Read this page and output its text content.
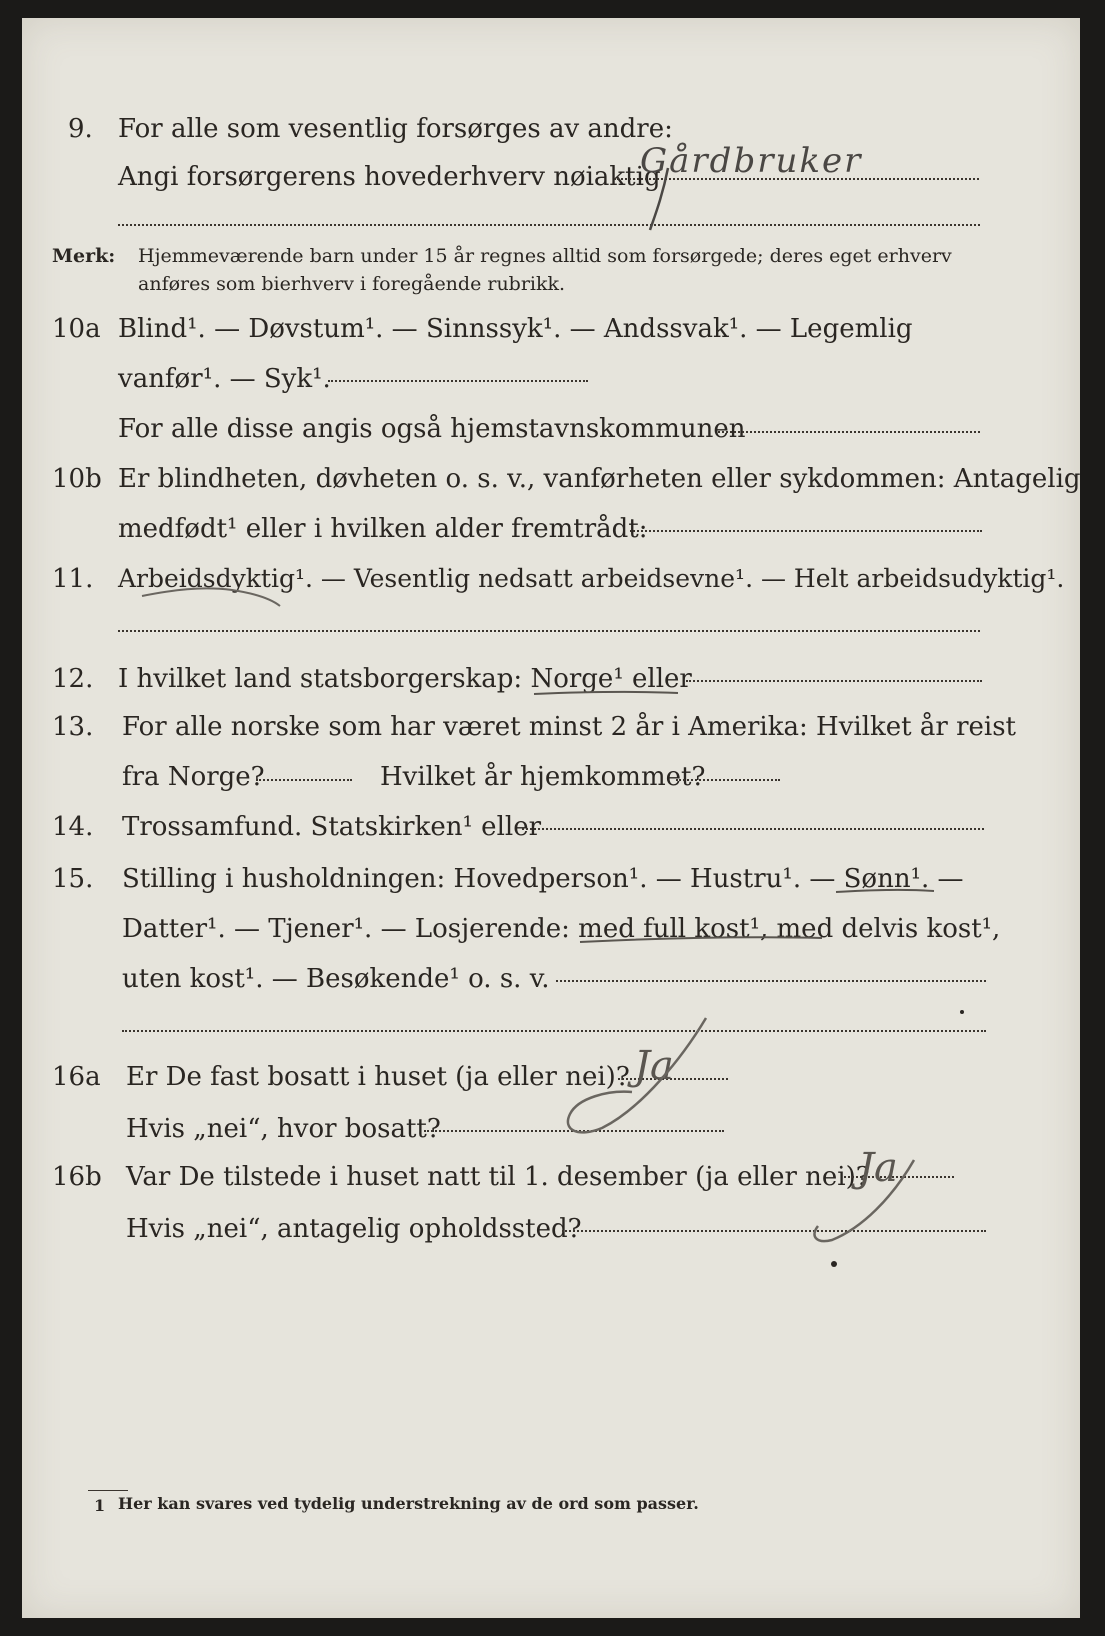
9. For alle som vesentlig forsørges av andre:
Angi forsørgerens hovederhverv nøiaktig
Gårdbruker
Merk: Hjemmeværende barn under 15 år regnes alltid som forsørgede; deres eget erhverv
anføres som bierhverv i foregående rubrikk.
10a Blind¹. — Døvstum¹. — Sinnssyk¹. — Andssvak¹. — Legemlig
vanfør¹. — Syk¹.
For alle disse angis også hjemstavnskommunen
10b Er blindheten, døvheten o. s. v., vanførheten eller sykdommen: Antagelig
medfødt¹ eller i hvilken alder fremtrådt:
11. Arbeidsdyktig¹. — Vesentlig nedsatt arbeidsevne¹. — Helt arbeidsudyktig¹.
12. I hvilket land statsborgerskap: Norge¹ eller
13. For alle norske som har været minst 2 år i Amerika: Hvilket år reist
fra Norge?	Hvilket år hjemkommet?
14. Trossamfund. Statskirken¹ eller
15. Stilling i husholdningen: Hovedperson¹. — Hustru¹. — Sønn¹. —
Datter¹. — Tjener¹. — Losjerende: med full kost¹, med delvis kost¹,
uten kost¹. — Besøkende¹ o. s. v.
16a Er De fast bosatt i huset (ja eller nei)? Ja
Hvis „nei“, hvor bosatt?
16b Var De tilstede i huset natt til 1. desember (ja eller nei)?
Ja
Hvis „nei“, antagelig opholdssted?
1 Her kan svares ved tydelig understrekning av de ord som passer.
